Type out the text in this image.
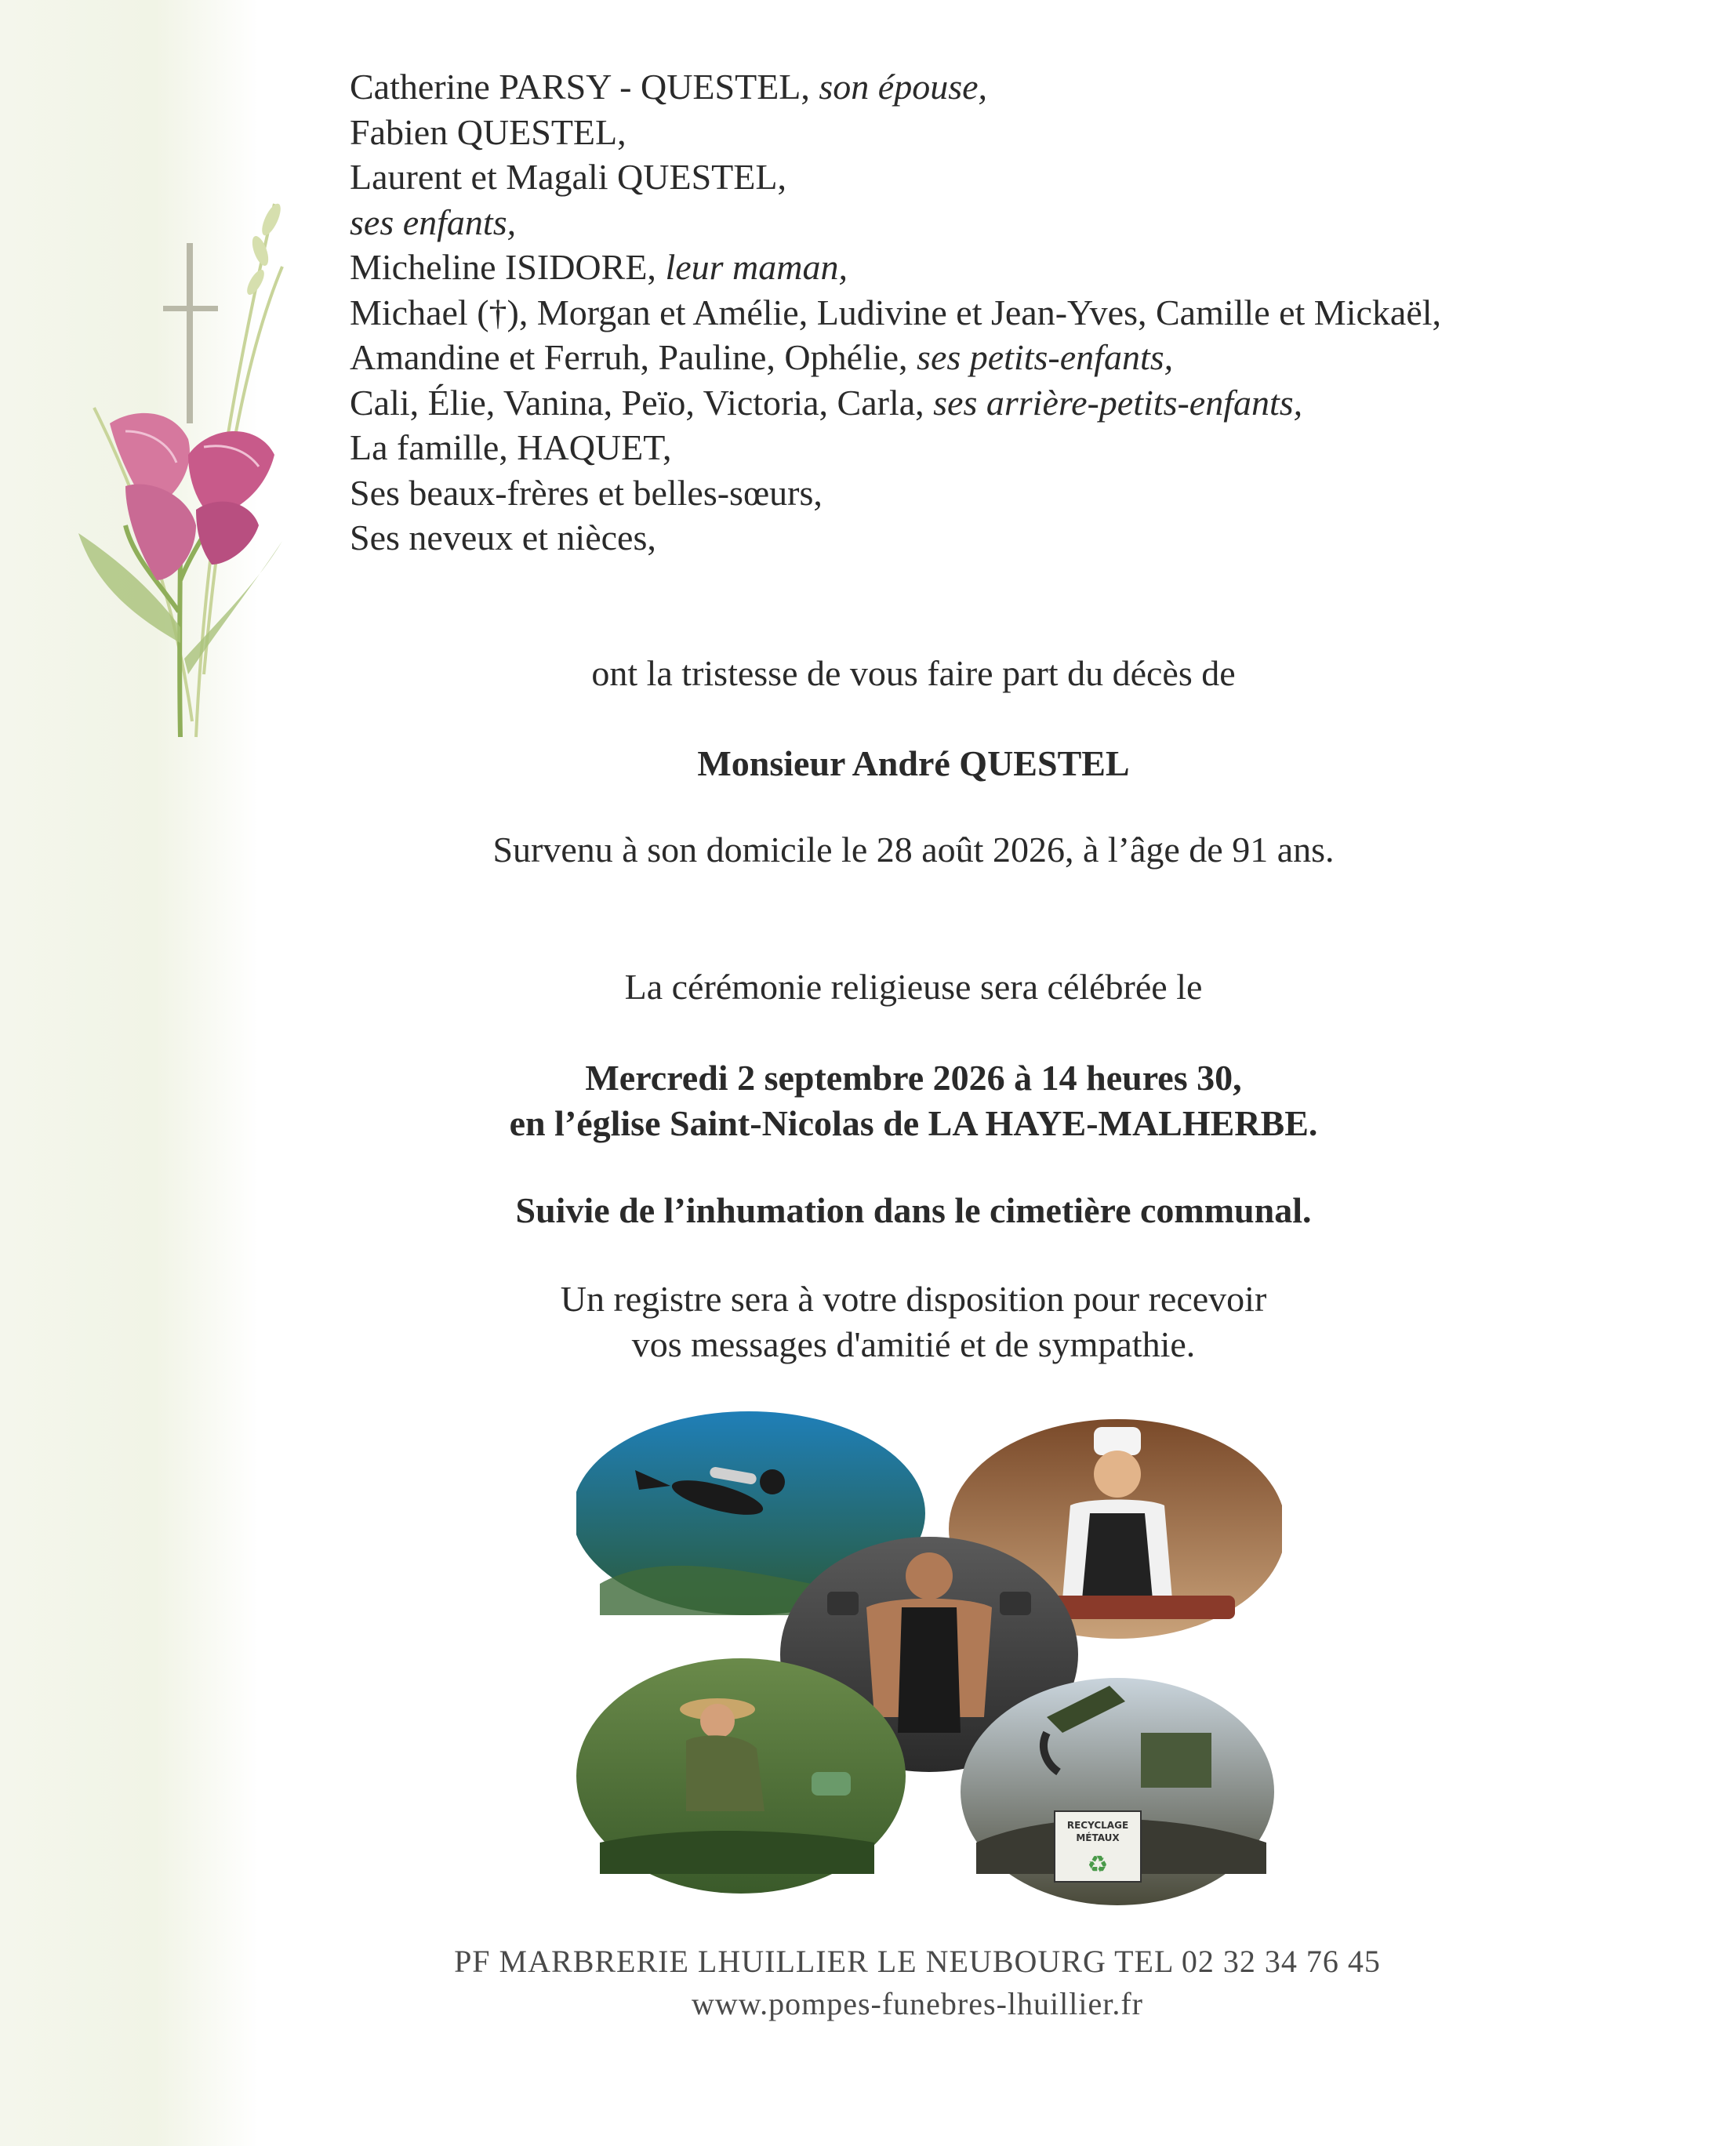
Catherine PARSY - QUESTEL, son épouse,
Fabien QUESTEL,
Laurent et Magali QUESTEL,
ses enfants,
Micheline ISIDORE, leur maman,
Michael (†), Morgan et Amélie, Ludivine et Jean-Yves, Camille et Mickaël,
Amandine et Ferruh, Pauline, Ophélie, ses petits-enfants,
Cali, Élie, Vanina, Peïo, Victoria, Carla, ses arrière-petits-enfants,
La famille, HAQUET,
Ses beaux-frères et belles-sœurs,
Ses neveux et nièces,
ont la tristesse de vous faire part du décès de
Monsieur André QUESTEL
Survenu à son domicile le 28 août 2026, à l’âge de 91 ans.
La cérémonie religieuse sera célébrée le
Mercredi 2 septembre 2026 à 14 heures 30,
en l’église Saint-Nicolas de LA HAYE-MALHERBE.
Suivie de l’inhumation dans le cimetière communal.
Un registre sera à votre disposition pour recevoir
vos messages d'amitié et de sympathie.
RECYCLAGE
MÉTAUX
♻
PF MARBRERIE LHUILLIER LE NEUBOURG TEL 02 32 34 76 45
www.pompes-funebres-lhuillier.fr
